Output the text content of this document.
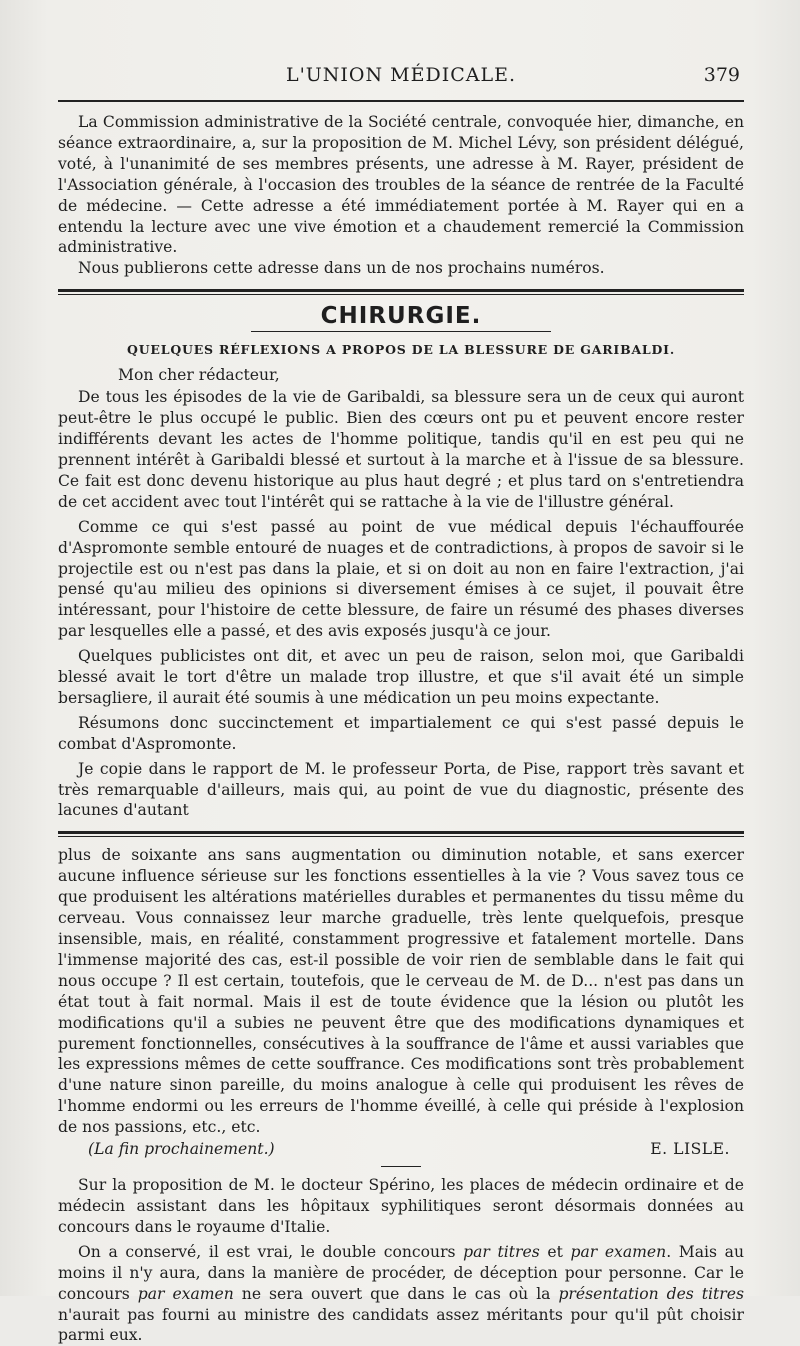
L'UNION MÉDICALE.	379

La Commission administrative de la Société centrale, convoquée hier, dimanche, en séance extraordinaire, a, sur la proposition de M. Michel Lévy, son président délégué, voté, à l'unanimité de ses membres présents, une adresse à M. Rayer, président de l'Association générale, à l'occasion des troubles de la séance de rentrée de la Faculté de médecine. — Cette adresse a été immédiatement portée à M. Rayer qui en a entendu la lecture avec une vive émotion et a chaudement remercié la Commission administrative.

Nous publierons cette adresse dans un de nos prochains numéros.

CHIRURGIE.
QUELQUES RÉFLEXIONS A PROPOS DE LA BLESSURE DE GARIBALDI.
Mon cher rédacteur,

De tous les épisodes de la vie de Garibaldi, sa blessure sera un de ceux qui auront peut-être le plus occupé le public. Bien des cœurs ont pu et peuvent encore rester indifférents devant les actes de l'homme politique, tandis qu'il en est peu qui ne prennent intérêt à Garibaldi blessé et surtout à la marche et à l'issue de sa blessure. Ce fait est donc devenu historique au plus haut degré ; et plus tard on s'entretiendra de cet accident avec tout l'intérêt qui se rattache à la vie de l'illustre général.

Comme ce qui s'est passé au point de vue médical depuis l'échauffourée d'Aspromonte semble entouré de nuages et de contradictions, à propos de savoir si le projectile est ou n'est pas dans la plaie, et si on doit au non en faire l'extraction, j'ai pensé qu'au milieu des opinions si diversement émises à ce sujet, il pouvait être intéressant, pour l'histoire de cette blessure, de faire un résumé des phases diverses par lesquelles elle a passé, et des avis exposés jusqu'à ce jour.

Quelques publicistes ont dit, et avec un peu de raison, selon moi, que Garibaldi blessé avait le tort d'être un malade trop illustre, et que s'il avait été un simple bersagliere, il aurait été soumis à une médication un peu moins expectante.

Résumons donc succinctement et impartialement ce qui s'est passé depuis le combat d'Aspromonte.

Je copie dans le rapport de M. le professeur Porta, de Pise, rapport très savant et très remarquable d'ailleurs, mais qui, au point de vue du diagnostic, présente des lacunes d'autant

plus de soixante ans sans augmentation ou diminution notable, et sans exercer aucune influence sérieuse sur les fonctions essentielles à la vie ? Vous savez tous ce que produisent les altérations matérielles durables et permanentes du tissu même du cerveau. Vous connaissez leur marche graduelle, très lente quelquefois, presque insensible, mais, en réalité, constamment progressive et fatalement mortelle. Dans l'immense majorité des cas, est-il possible de voir rien de semblable dans le fait qui nous occupe ? Il est certain, toutefois, que le cerveau de M. de D... n'est pas dans un état tout à fait normal. Mais il est de toute évidence que la lésion ou plutôt les modifications qu'il a subies ne peuvent être que des modifications dynamiques et purement fonctionnelles, consécutives à la souffrance de l'âme et aussi variables que les expressions mêmes de cette souffrance. Ces modifications sont très probablement d'une nature sinon pareille, du moins analogue à celle qui produisent les rêves de l'homme endormi ou les erreurs de l'homme éveillé, à celle qui préside à l'explosion de nos passions, etc., etc.

(La fin prochainement.)	E. LISLE.

Sur la proposition de M. le docteur Spérino, les places de médecin ordinaire et de médecin assistant dans les hôpitaux syphilitiques seront désormais données au concours dans le royaume d'Italie.

On a conservé, il est vrai, le double concours par titres et par examen. Mais au moins il n'y aura, dans la manière de procéder, de déception pour personne. Car le concours par examen ne sera ouvert que dans le cas où la présentation des titres n'aurait pas fourni au ministre des candidats assez méritants pour qu'il pût choisir parmi eux.
